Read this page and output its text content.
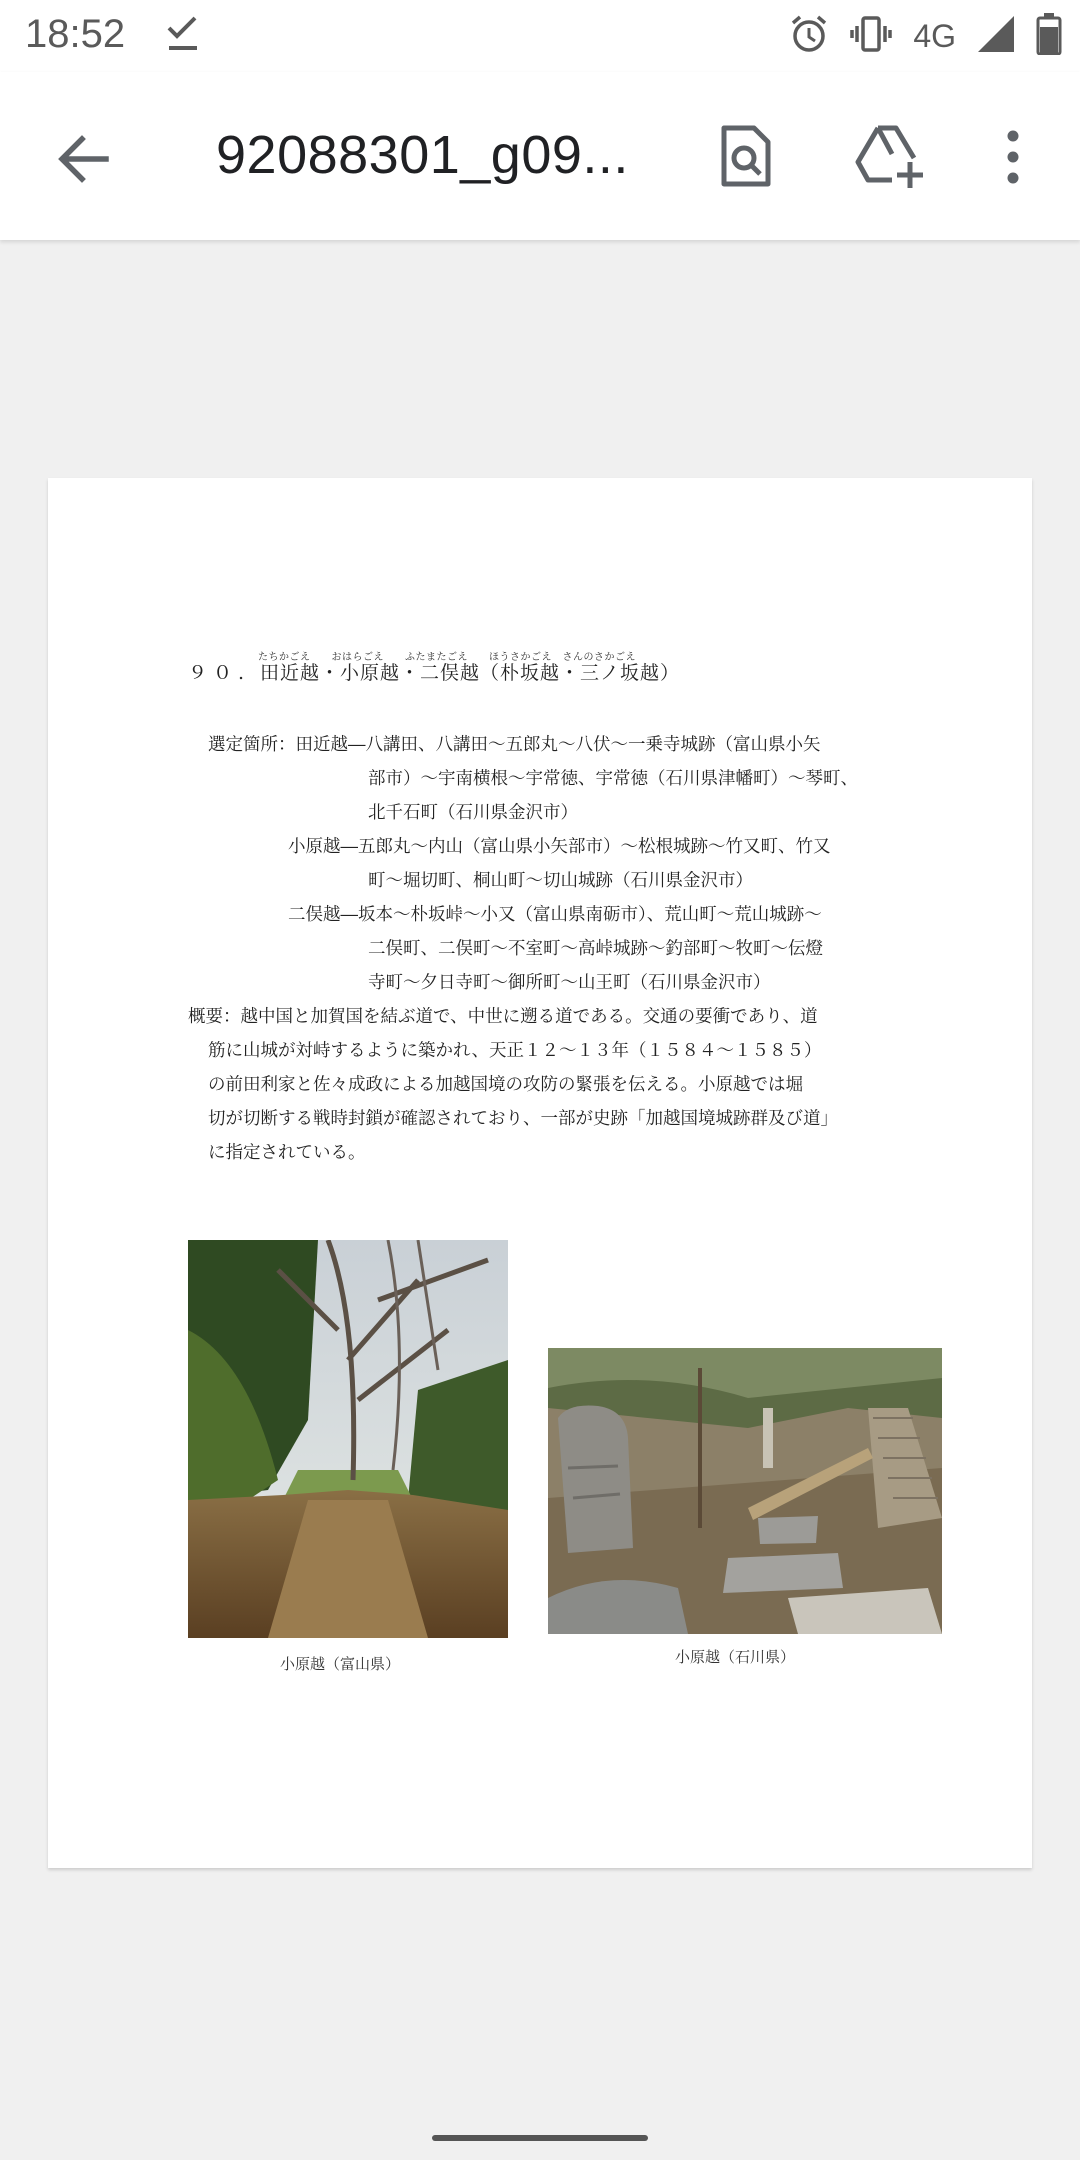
18:52	4G
92088301_g09...
たちかごえ　　おはらごえ　　ふたまたごえ　　ほうさかごえ　さんのさかごえ
９０. 田近越・小原越・二俣越（朴坂越・三ノ坂越）
選定箇所：田近越―八講田、八講田～五郎丸～八伏～一乗寺城跡（富山県小矢
部市）～宇南横根～宇常徳、宇常徳（石川県津幡町）～琴町、
北千石町（石川県金沢市）
小原越―五郎丸～内山（富山県小矢部市）～松根城跡～竹又町、竹又
町～堀切町、桐山町～切山城跡（石川県金沢市）
二俣越―坂本～朴坂峠～小又（富山県南砺市）、荒山町～荒山城跡～
二俣町、二俣町～不室町～高峠城跡～釣部町～牧町～伝燈
寺町～夕日寺町～御所町～山王町（石川県金沢市）
概要：越中国と加賀国を結ぶ道で、中世に遡る道である。交通の要衝であり、道
筋に山城が対峙するように築かれ、天正１２～１３年（１５８４～１５８５）
の前田利家と佐々成政による加越国境の攻防の緊張を伝える。小原越では堀
切が切断する戦時封鎖が確認されており、一部が史跡「加越国境城跡群及び道」
に指定されている。
小原越（富山県）	小原越（石川県）
